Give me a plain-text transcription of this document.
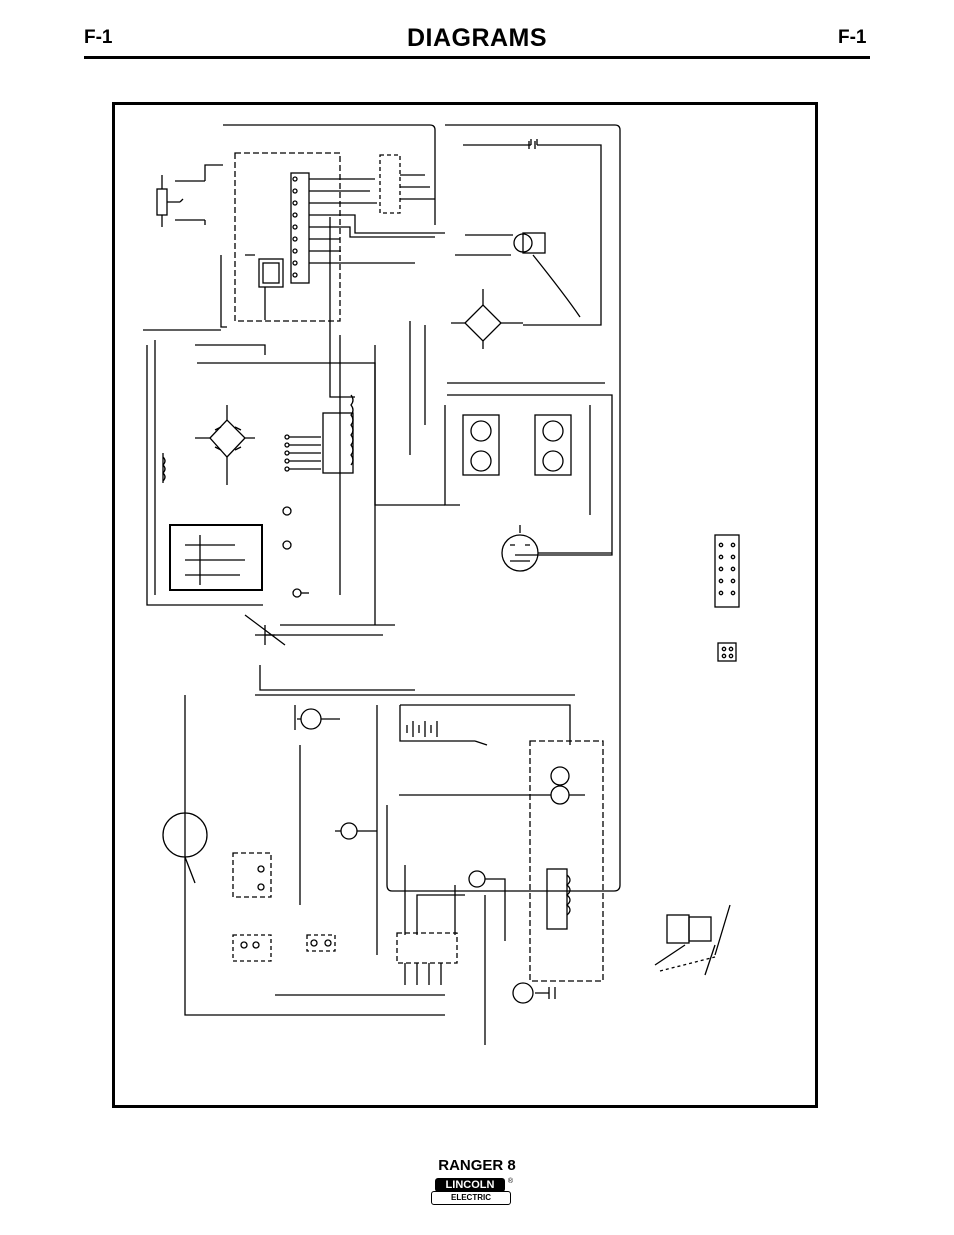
F-1	DIAGRAMS	F-1
RANGER 8
LINCOLN
ELECTRIC
®
